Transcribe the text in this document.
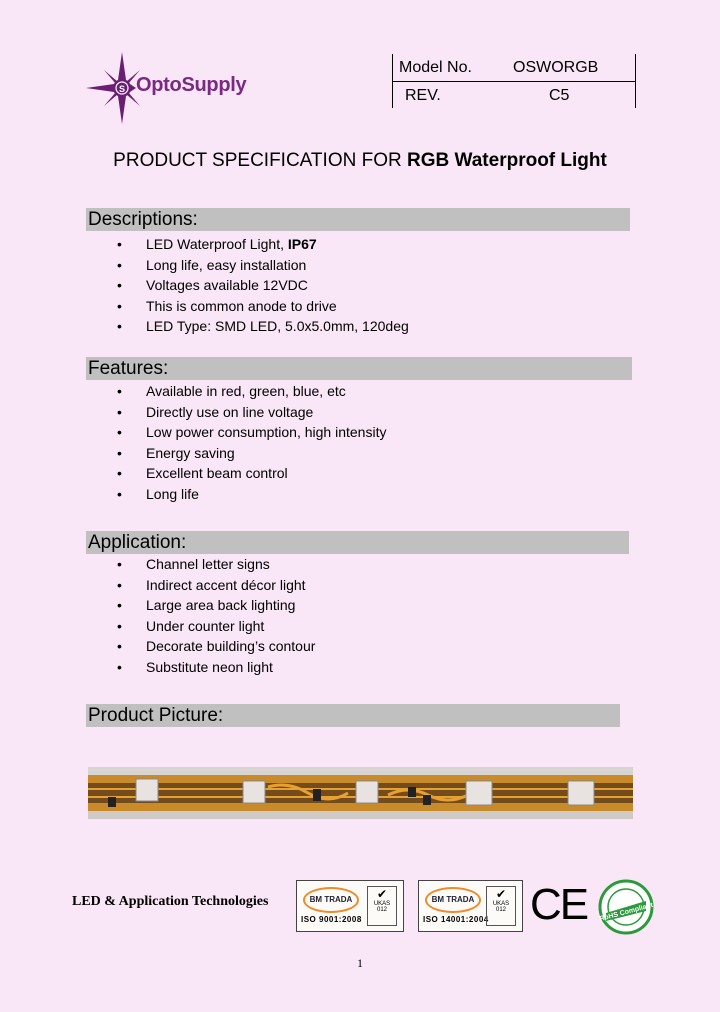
S OptoSupply
Model No.	OSWORGB
REV.	C5
PRODUCT SPECIFICATION FOR RGB Waterproof Light
Descriptions:
• LED Waterproof Light, IP67
• Long life, easy installation
• Voltages available 12VDC
• This is common anode to drive
• LED Type: SMD LED, 5.0x5.0mm, 120deg
Features:
• Available in red, green, blue, etc
• Directly use on line voltage
• Low power consumption, high intensity
• Energy saving
• Excellent beam control
• Long life
Application:
• Channel letter signs
• Indirect accent décor light
• Large area back lighting
• Under counter light
• Decorate building’s contour
• Substitute neon light
Product Picture:
LED & Application Technologies	BM TRADA
ISO 9001:2008
✔
UKAS
012
BM TRADA
ISO 14001:2004
✔
UKAS
012 CE RoHS Compliant
1
